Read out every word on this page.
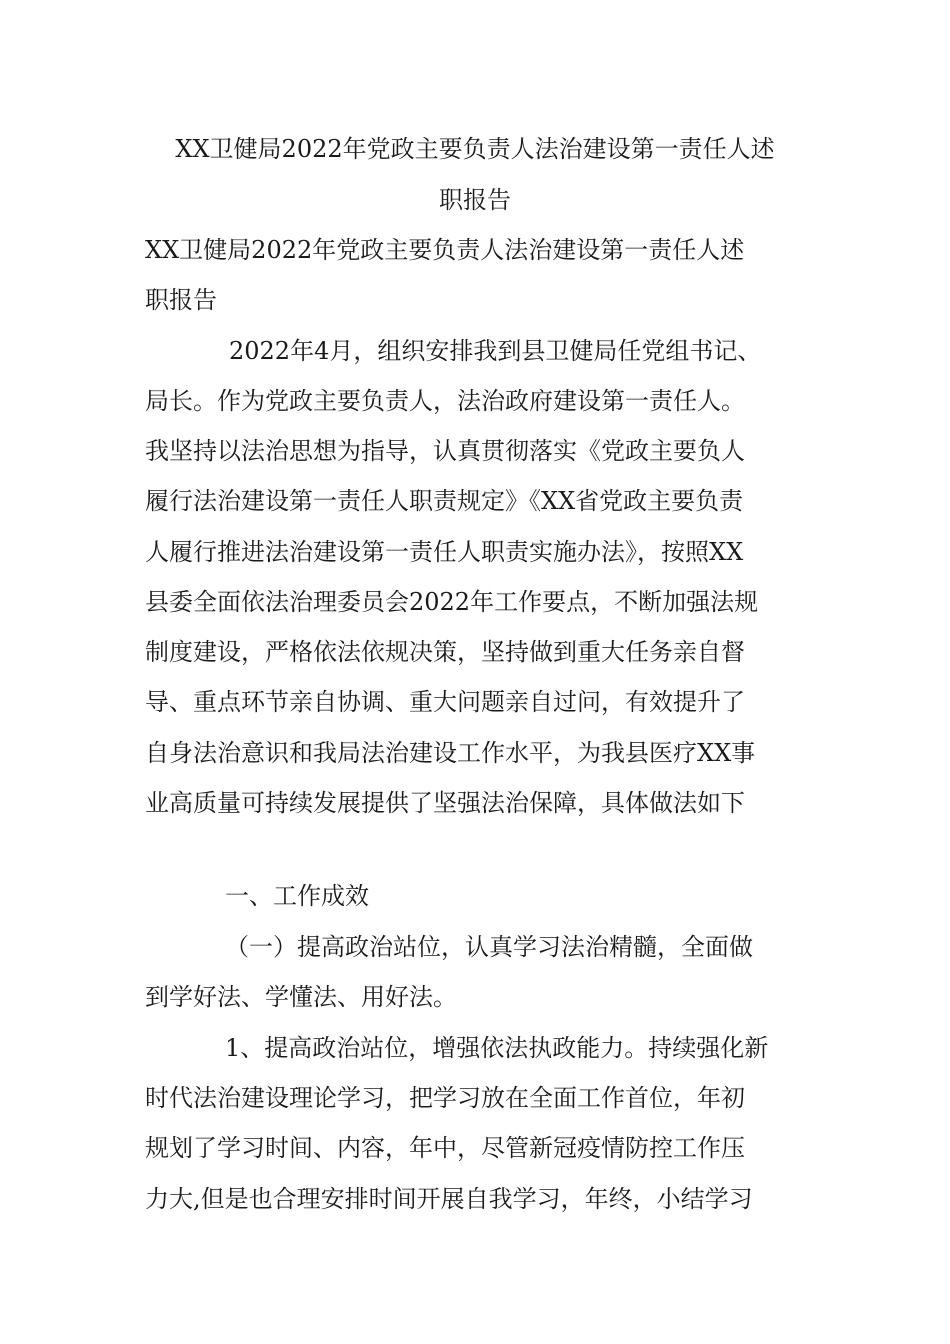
XX卫健局2022年党政主要负责人法治建设第一责任人述
职报告
XX卫健局2022年党政主要负责人法治建设第一责任人述
职报告
2022年4月，组织安排我到县卫健局任党组书记、
局长。作为党政主要负责人，法治政府建设第一责任人。
我坚持以法治思想为指导，认真贯彻落实《党政主要负人
履行法治建设第一责任人职责规定》《XX省党政主要负责
人履行推进法治建设第一责任人职责实施办法》，按照XX
县委全面依法治理委员会2022年工作要点，不断加强法规
制度建设，严格依法依规决策，坚持做到重大任务亲自督
导、重点环节亲自协调、重大问题亲自过问，有效提升了
自身法治意识和我局法治建设工作水平，为我县医疗XX事
业高质量可持续发展提供了坚强法治保障，具体做法如下
一、工作成效
（一）提高政治站位，认真学习法治精髓，全面做
到学好法、学懂法、用好法。
1、提高政治站位，增强依法执政能力。持续强化新
时代法治建设理论学习，把学习放在全面工作首位，年初
规划了学习时间、内容，年中，尽管新冠疫情防控工作压
力大,但是也合理安排时间开展自我学习，年终，小结学习
